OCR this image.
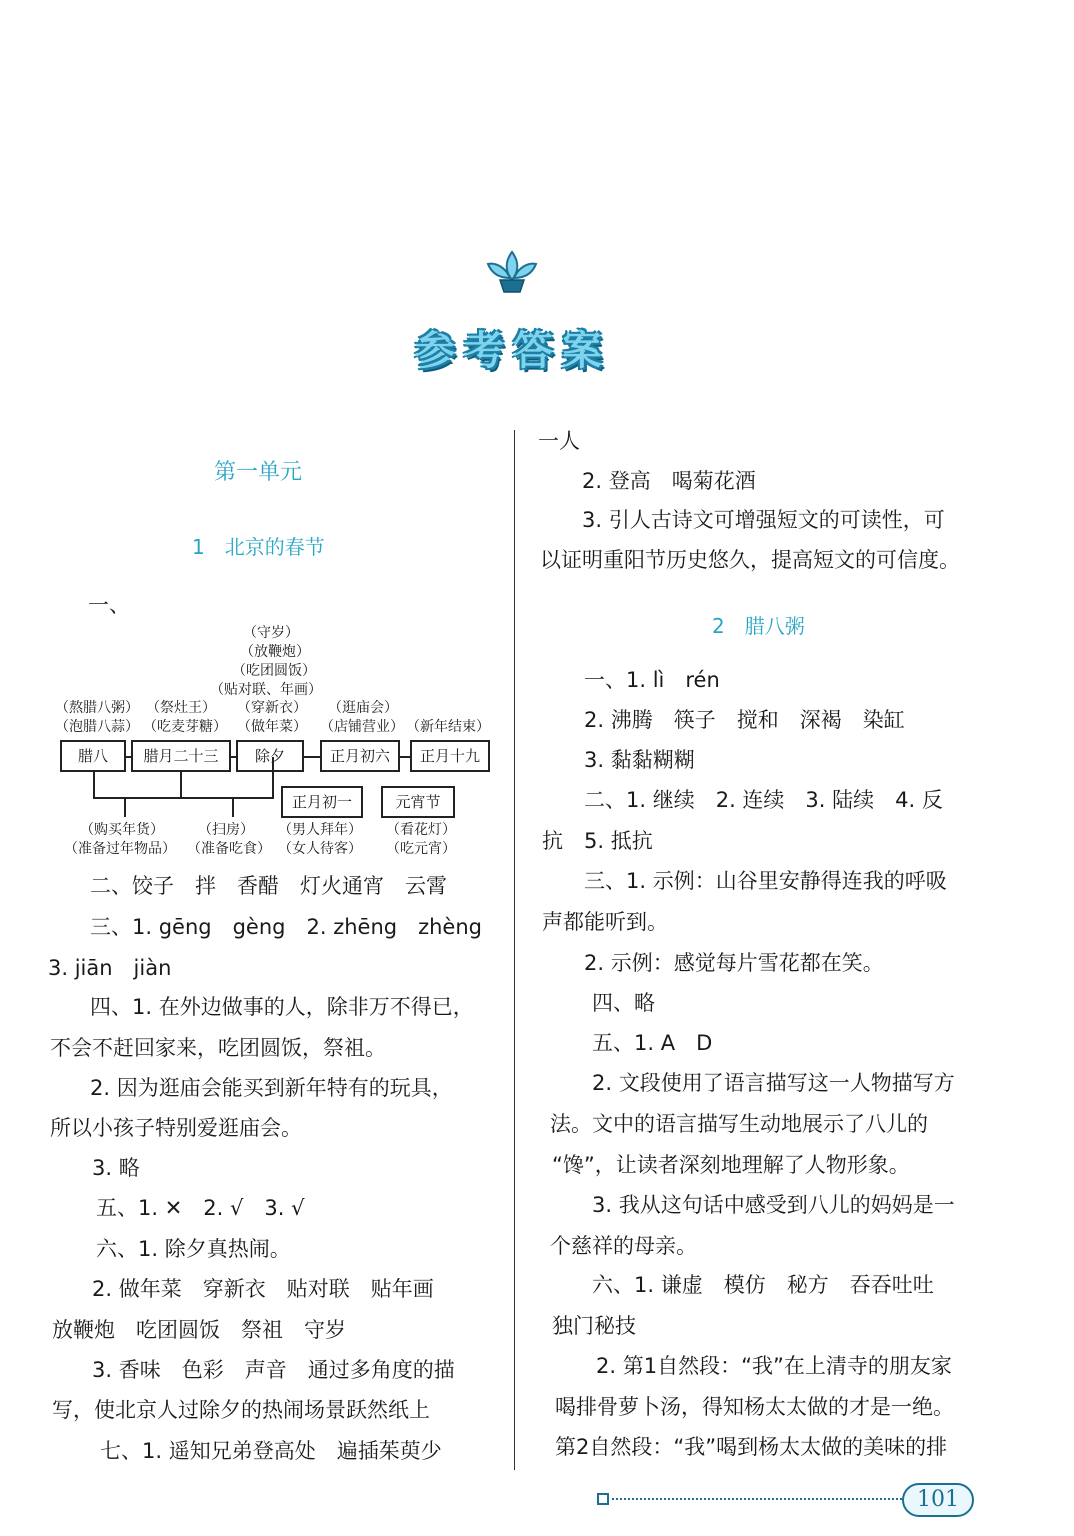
参 考 答 案
第一单元
1　北京的春节
一、
（守岁）
（放鞭炮）
（吃团圆饭）
（贴对联、年画）
（熬腊八粥）
（泡腊八蒜）
（祭灶王）
（吃麦芽糖）
（穿新衣）
（做年菜）
（逛庙会）
（店铺营业） （新年结束）
腊八	腊月二十三	除夕	正月初六	正月十九
正月初一	元宵节
（购买年货）
（准备过年物品）
（扫房）
（准备吃食）
（男人拜年）
（女人待客）
（看花灯）
（吃元宵）
二、饺子　拌　香醋　灯火通宵　云霄
三、1. gēng　gèng　2. zhēng　zhèng
3. jiān　jiàn
四、1. 在外边做事的人，除非万不得已，
不会不赶回家来，吃团圆饭，祭祖。
2. 因为逛庙会能买到新年特有的玩具，
所以小孩子特别爱逛庙会。
3. 略
五、1. ✕　2. √　3. √
六、1. 除夕真热闹。
2. 做年菜　穿新衣　贴对联　贴年画
放鞭炮　吃团圆饭　祭祖　守岁
3. 香味　色彩　声音　通过多角度的描
写，使北京人过除夕的热闹场景跃然纸上
七、1. 遥知兄弟登高处　遍插茱萸少
一人
2. 登高　喝菊花酒
3. 引人古诗文可增强短文的可读性，可
以证明重阳节历史悠久，提高短文的可信度。
2　腊八粥
一、1. lì　rén
2. 沸腾　筷子　搅和　深褐　染缸
3. 黏黏糊糊
二、1. 继续　2. 连续　3. 陆续　4. 反
抗　5. 抵抗
三、1. 示例：山谷里安静得连我的呼吸
声都能听到。
2. 示例：感觉每片雪花都在笑。
四、略
五、1. A　D
2. 文段使用了语言描写这一人物描写方
法。文中的语言描写生动地展示了八儿的
“馋”，让读者深刻地理解了人物形象。
3. 我从这句话中感受到八儿的妈妈是一
个慈祥的母亲。
六、1. 谦虚　模仿　秘方　吞吞吐吐
独门秘技
2. 第1自然段：“我”在上清寺的朋友家
喝排骨萝卜汤，得知杨太太做的才是一绝。
第2自然段：“我”喝到杨太太做的美味的排
101
